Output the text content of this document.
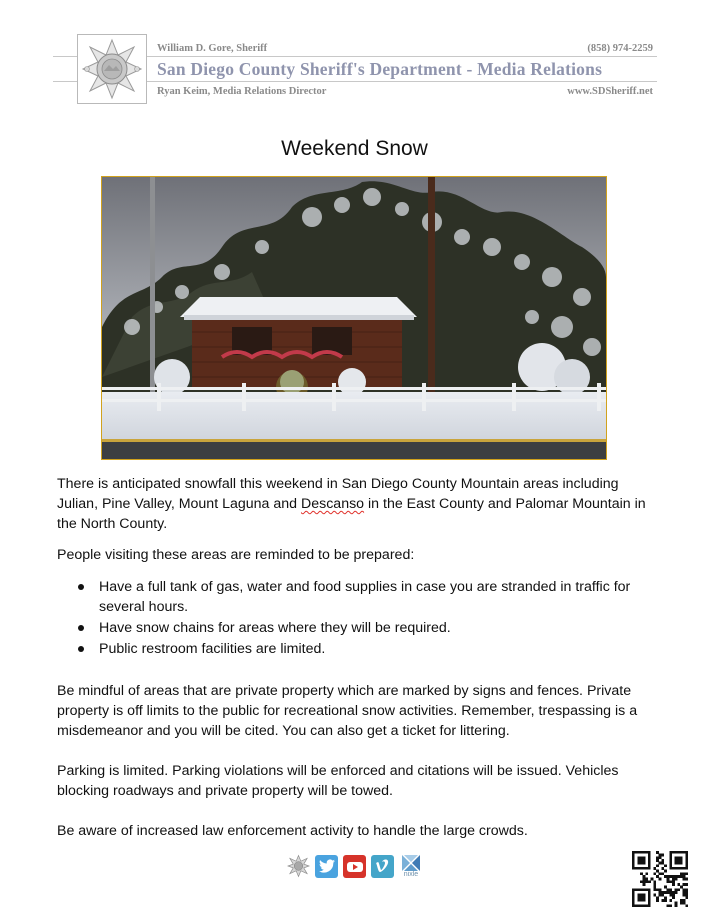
William D. Gore, Sheriff	(858) 974-2259
San Diego County Sheriff's Department - Media Relations
Ryan Keim, Media Relations Director	www.SDSheriff.net
Weekend Snow

There is anticipated snowfall this weekend in San Diego County Mountain areas including Julian, Pine Valley, Mount Laguna and Descanso in the East County and Palomar Mountain in the North County.

People visiting these areas are reminded to be prepared:

Have a full tank of gas, water and food supplies in case you are stranded in traffic for several hours.
Have snow chains for areas where they will be required.
Public restroom facilities are limited.

Be mindful of areas that are private property which are marked by signs and fences. Private property is off limits to the public for recreational snow activities. Remember, trespassing is a misdemeanor and you will be cited. You can also get a ticket for littering.

Parking is limited. Parking violations will be enforced and citations will be issued. Vehicles blocking roadways and private property will be towed.

Be aware of increased law enforcement activity to handle the large crowds.

nixle
